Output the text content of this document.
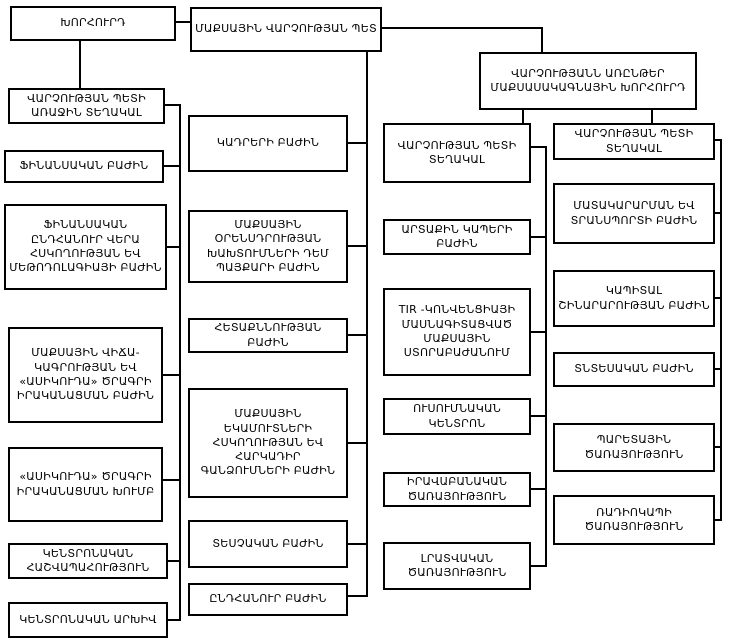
ԽՈՐՀՈՒՐԴ	ՄԱՔՍԱՅԻՆ ՎԱՐՉՈՒԹՅԱՆ ՊԵՏ
ՎԱՐՉՈՒԹՅԱՆՆ ԱՌԸՆԹԵՐ ՄԱՔՍԱՍԱԿԱԳՆԱՅԻՆ ԽՈՐՀՈՒՐԴ
ՎԱՐՉՈՒԹՅԱՆ ՊԵՏԻ ԱՌԱՋԻՆ ՏԵՂԱԿԱԼ
ՖԻՆԱՆՍԱԿԱՆ ԲԱԺԻՆ
ՖԻՆԱՆՍԱԿԱՆ ԸՆԴՀԱՆՈՒՐ ՎԵՐԱ ՀՍԿՈՂՈՒԹՅԱՆ ԵՎ ՄԵԹՈԴՈԼԱԳԻԱՅԻ ԲԱԺԻՆ
ՄԱՔՍԱՅԻՆ ՎԻՃԱ-ԿԱԳՐՈՒԹՅԱՆ ԵՎ «ԱՍԻԿՈՒԴԱ» ԾՐԱԳՐԻ ԻՐԱԿԱՆԱՑՄԱՆ ԲԱԺԻՆ
«ԱՍԻԿՈՒԴԱ» ԾՐԱԳՐԻ ԻՐԱԿԱՆԱՑՄԱՆ ԽՈՒՄԲ
ԿԵՆՏՐՈՆԱԿԱՆ ՀԱՇՎԱՊԱՀՈՒԹՅՈՒՆ
ԿԵՆՏՐՈՆԱԿԱՆ ԱՐԽԻՎ
ԿԱԴՐԵՐԻ ԲԱԺԻՆ
ՄԱՔՍԱՅԻՆ ՕՐԵՆՍԴՐՈՒԹՅԱՆ ԽԱԽՏՈՒՄՆԵՐԻ ԴԵՄ ՊԱՅՔԱՐԻ ԲԱԺԻՆ
ՀԵՏԱՔՆՆՈՒԹՅԱՆ ԲԱԺԻՆ
ՄԱՔՍԱՅԻՆ ԵԿԱՄՈՒՏՆԵՐԻ ՀՍԿՈՂՈՒԹՅԱՆ ԵՎ ՀԱՐԿԱԴԻՐ ԳԱՆՁՈՒՄՆԵՐԻ ԲԱԺԻՆ
ՏԵՍՉԱԿԱՆ ԲԱԺԻՆ
ԸՆԴՀԱՆՈՒՐ ԲԱԺԻՆ
ՎԱՐՉՈՒԹՅԱՆ ՊԵՏԻ ՏԵՂԱԿԱԼ
ԱՐՏԱՔԻՆ ԿԱՊԵՐԻ ԲԱԺԻՆ
TIR -ԿՈՆՎԵՆՑԻԱՅԻ ՄԱՍՆԱԳԻՏԱՑՎԱԾ ՄԱՔՍԱՅԻՆ ՍՏՈՐԱԲԱԺԱՆՈՒՄ
ՈՒՍՈՒՄՆԱԿԱՆ ԿԵՆՏՐՈՆ
ԻՐԱՎԱԲԱՆԱԿԱՆ ԾԱՌԱՅՈՒԹՅՈՒՆ
ԼՐԱՏՎԱԿԱՆ ԾԱՌԱՅՈՒԹՅՈՒՆ
ՎԱՐՉՈՒԹՅԱՆ ՊԵՏԻ ՏԵՂԱԿԱԼ
ՄԱՏԱԿԱՐԱՐՄԱՆ ԵՎ ՏՐԱՆՍՊՈՐՏԻ ԲԱԺԻՆ
ԿԱՊԻՏԱԼ ՇԻՆԱՐԱՐՈՒԹՅԱՆ ԲԱԺԻՆ
ՏՆՏԵՍԱԿԱՆ ԲԱԺԻՆ
ՊԱՐԵՏԱՅԻՆ ԾԱՌԱՅՈՒԹՅՈՒՆ
ՌԱԴԻՈԿԱՊԻ ԾԱՌԱՅՈՒԹՅՈՒՆ
